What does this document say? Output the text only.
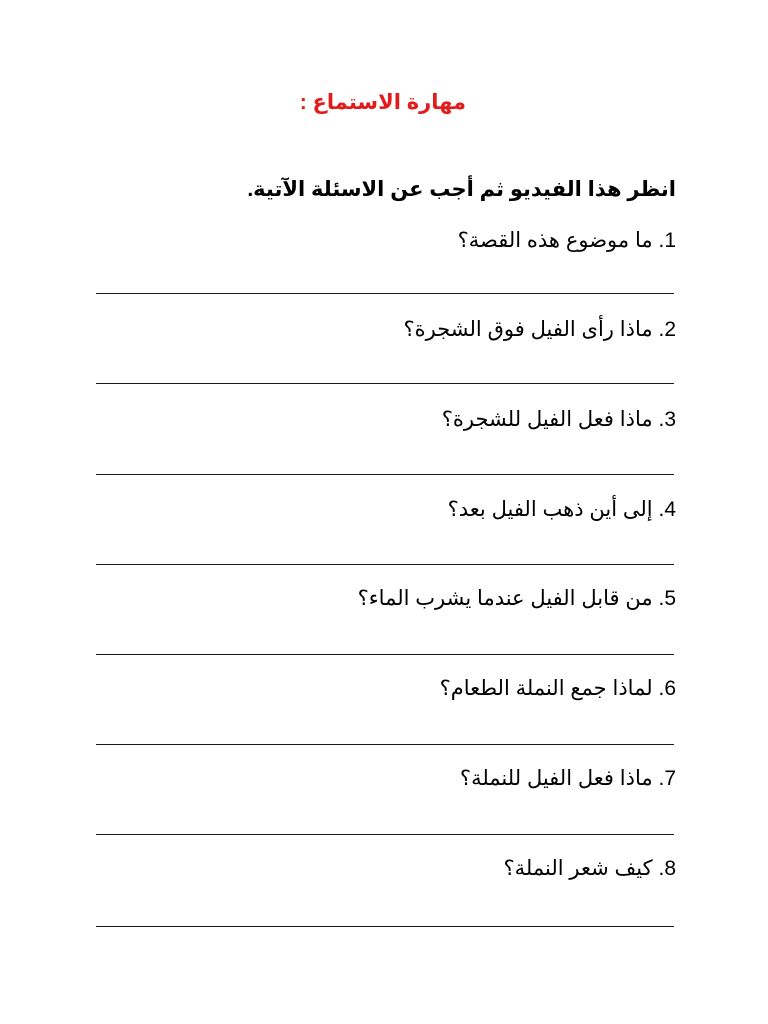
مهارة الاستماع :
انظر هذا الفيديو ثم أجب عن الاسئلة الآتية.
1. ما موضوع هذه القصة؟
2. ماذا رأى الفيل فوق الشجرة؟
3. ماذا فعل الفيل للشجرة؟
4. إلى أين ذهب الفيل بعد؟
5. من قابل الفيل عندما يشرب الماء؟
6. لماذا جمع النملة الطعام؟
7. ماذا فعل الفيل للنملة؟
8. كيف شعر النملة؟
